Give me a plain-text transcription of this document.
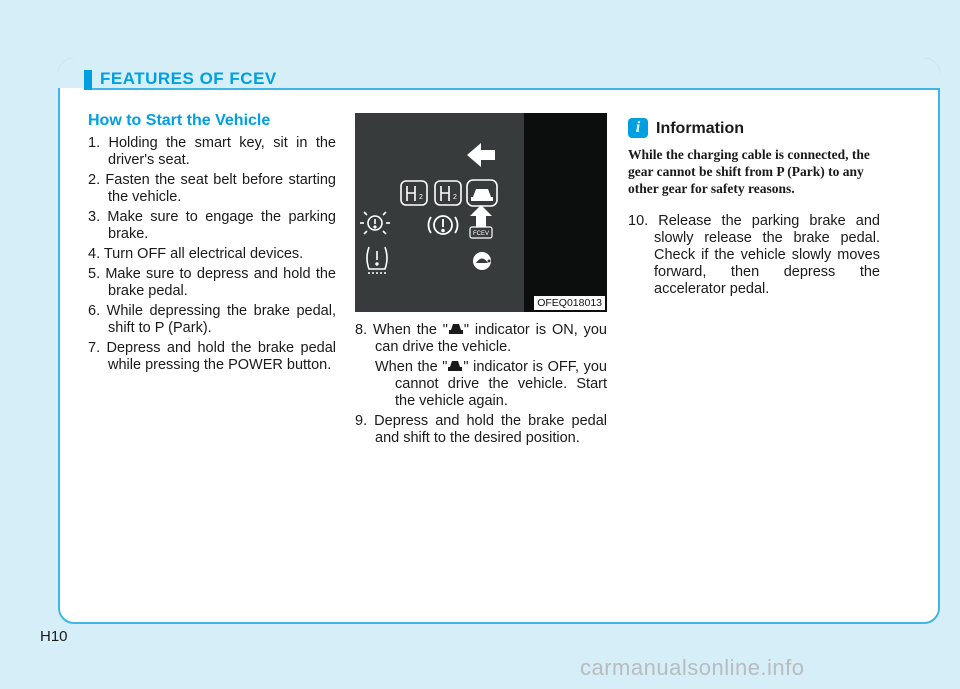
FEATURES OF FCEV
How to Start the Vehicle
1. Holding the smart key, sit in the driver's seat.
2. Fasten the seat belt before starting the vehicle.
3. Make sure to engage the parking brake.
4. Turn OFF all electrical devices.
5. Make sure to depress and hold the brake pedal.
6. While depressing the brake pedal, shift to P (Park).
7. Depress and hold the brake pedal while pressing the POWER button.
2	2
FCEV
OFEQ018013
8. When the " " indicator is ON, you can drive the vehicle.
When the " " indicator is OFF, you cannot drive the vehicle. Start the vehicle again.
9. Depress and hold the brake pedal and shift to the desired position.
i Information
While the charging cable is connected, the gear cannot be shift from P (Park) to any other gear for safety reasons.
10. Release the parking brake and slowly release the brake pedal. Check if the vehicle slowly moves forward, then depress the accelerator pedal.
H10
carmanualsonline.info
